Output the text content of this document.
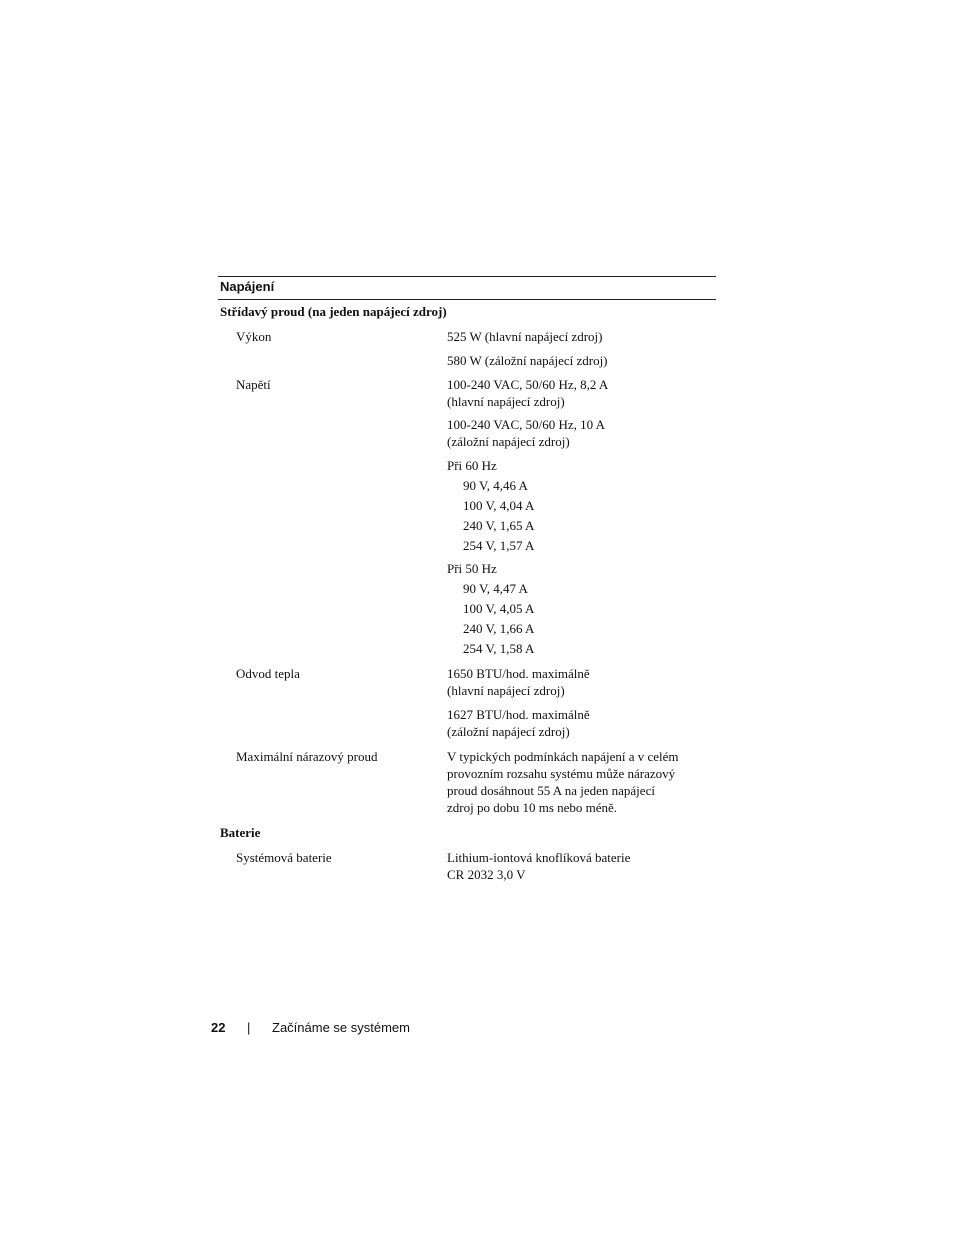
Napájení
Střídavý proud (na jeden napájecí zdroj)
Výkon	525 W (hlavní napájecí zdroj)
580 W (záložní napájecí zdroj)
Napětí	100-240 VAC, 50/60 Hz, 8,2 A
(hlavní napájecí zdroj)
100-240 VAC, 50/60 Hz, 10 A
(záložní napájecí zdroj)
Při 60 Hz
90 V, 4,46 A
100 V, 4,04 A
240 V, 1,65 A
254 V, 1,57 A
Při 50 Hz
90 V, 4,47 A
100 V, 4,05 A
240 V, 1,66 A
254 V, 1,58 A
Odvod tepla	1650 BTU/hod. maximálně
(hlavní napájecí zdroj)
1627 BTU/hod. maximálně
(záložní napájecí zdroj)
Maximální nárazový proud	V typických podmínkách napájení a v celém
provozním rozsahu systému může nárazový
proud dosáhnout 55 A na jeden napájecí
zdroj po dobu 10 ms nebo méně.
Baterie
Systémová baterie	Lithium-iontová knoflíková baterie
CR 2032 3,0 V
22 | Začínáme se systémem
